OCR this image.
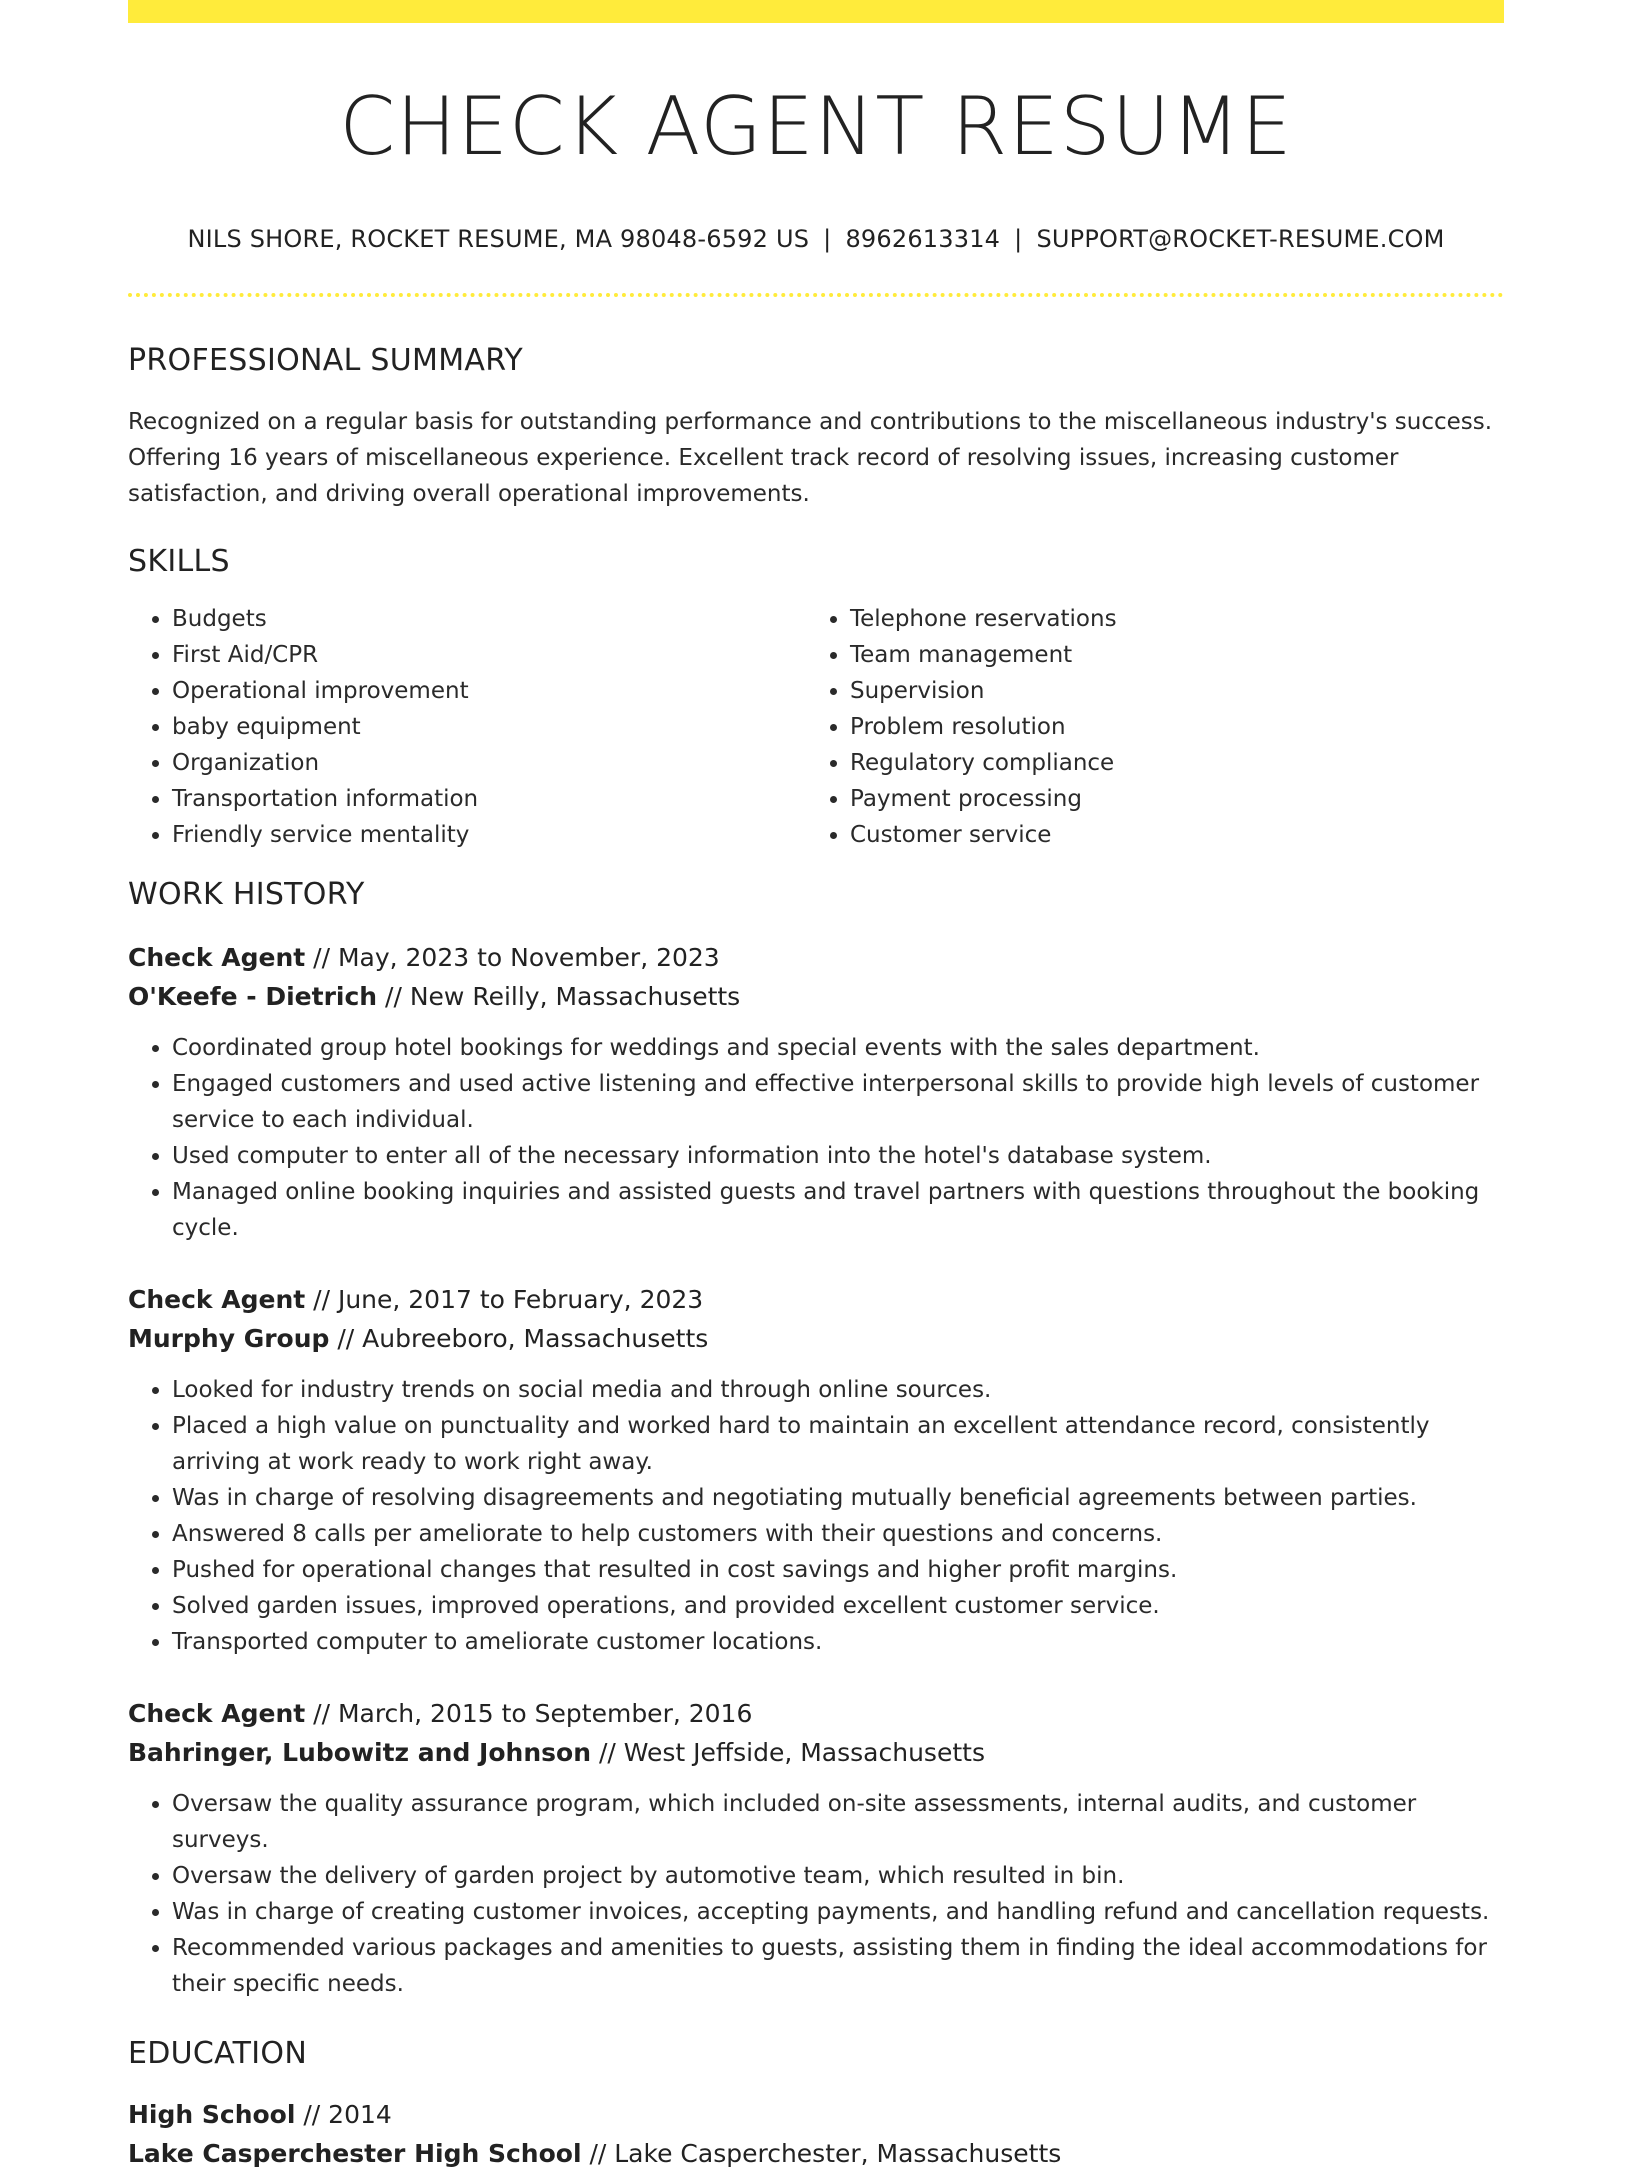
CHECK AGENT RESUME
NILS SHORE, ROCKET RESUME, MA 98048-6592 US | 8962613314 | SUPPORT@ROCKET-RESUME.COM
PROFESSIONAL SUMMARY
Recognized on a regular basis for outstanding performance and contributions to the miscellaneous industry's success. Offering 16 years of miscellaneous experience. Excellent track record of resolving issues, increasing customer satisfaction, and driving overall operational improvements.
SKILLS
• Budgets
• First Aid/CPR
• Operational improvement
• baby equipment
• Organization
• Transportation information
• Friendly service mentality
• Telephone reservations
• Team management
• Supervision
• Problem resolution
• Regulatory compliance
• Payment processing
• Customer service
WORK HISTORY
Check Agent // May, 2023 to November, 2023
O'Keefe - Dietrich // New Reilly, Massachusetts
• Coordinated group hotel bookings for weddings and special events with the sales department.
• Engaged customers and used active listening and effective interpersonal skills to provide high levels of customer service to each individual.
• Used computer to enter all of the necessary information into the hotel's database system.
• Managed online booking inquiries and assisted guests and travel partners with questions throughout the booking cycle.
Check Agent // June, 2017 to February, 2023
Murphy Group // Aubreeboro, Massachusetts
• Looked for industry trends on social media and through online sources.
• Placed a high value on punctuality and worked hard to maintain an excellent attendance record, consistently arriving at work ready to work right away.
• Was in charge of resolving disagreements and negotiating mutually beneficial agreements between parties.
• Answered 8 calls per ameliorate to help customers with their questions and concerns.
• Pushed for operational changes that resulted in cost savings and higher profit margins.
• Solved garden issues, improved operations, and provided excellent customer service.
• Transported computer to ameliorate customer locations.
Check Agent // March, 2015 to September, 2016
Bahringer, Lubowitz and Johnson // West Jeffside, Massachusetts
• Oversaw the quality assurance program, which included on-site assessments, internal audits, and customer surveys.
• Oversaw the delivery of garden project by automotive team, which resulted in bin.
• Was in charge of creating customer invoices, accepting payments, and handling refund and cancellation requests.
• Recommended various packages and amenities to guests, assisting them in finding the ideal accommodations for their specific needs.
EDUCATION
High School // 2014
Lake Casperchester High School // Lake Casperchester, Massachusetts
